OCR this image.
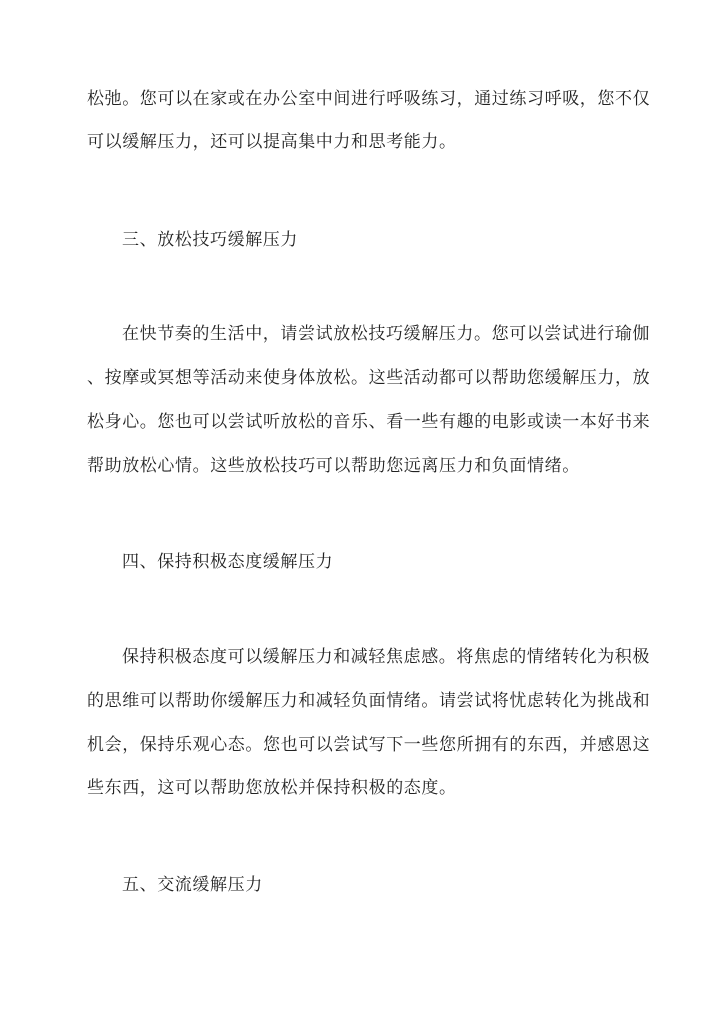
松弛。您可以在家或在办公室中间进行呼吸练习，通过练习呼吸，您不仅
可以缓解压力，还可以提高集中力和思考能力。
三、放松技巧缓解压力
在快节奏的生活中，请尝试放松技巧缓解压力。您可以尝试进行瑜伽
、按摩或冥想等活动来使身体放松。这些活动都可以帮助您缓解压力，放
松身心。您也可以尝试听放松的音乐、看一些有趣的电影或读一本好书来
帮助放松心情。这些放松技巧可以帮助您远离压力和负面情绪。
四、保持积极态度缓解压力
保持积极态度可以缓解压力和减轻焦虑感。将焦虑的情绪转化为积极
的思维可以帮助你缓解压力和减轻负面情绪。请尝试将忧虑转化为挑战和
机会，保持乐观心态。您也可以尝试写下一些您所拥有的东西，并感恩这
些东西，这可以帮助您放松并保持积极的态度。
五、交流缓解压力
